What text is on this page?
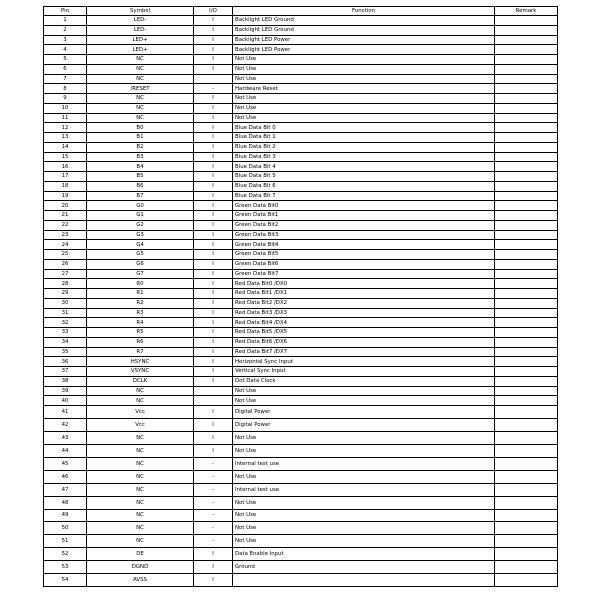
Pin	Symbol	I/O	Function	Remark
1	LED-	I	Backlight LED Ground	
2	LED-	I	Backlight LED Ground	
3	LED+	I	Backlight LED Power	
4	LED+	I	Backlight LED Power	
5	NC	I	Not Use	
6	NC	I	Not Use	
7	NC		Not Use	
8	/RESET	-	Hardware Reset	
9	NC	I	Not Use	
10	NC	I	Not Use	
11	NC	I	Not Use	
12	B0	I	Blue Data Bit 0	
13	B1	I	Blue Data Bit 1	
14	B2	I	Blue Data Bit 2	
15	B3	I	Blue Data Bit 3	
16	B4	I	Blue Data Bit 4	
17	B5	I	Blue Data Bit 5	
18	B6	I	Blue Data Bit 6	
19	B7	I	Blue Data Bit 7	
20	G0	I	Green Data Bit0	
21	G1	I	Green Data Bit1	
22	G2	I	Green Data Bit2	
23	G3	I	Green Data Bit3	
24	G4	I	Green Data Bit4	
25	G5	I	Green Data Bit5	
26	G6	I	Green Data Bit6	
27	G7	I	Green Data Bit7	
28	R0	I	Red Data Bit0 /DX0	
29	R1	I	Red Data Bit1 /DX1	
30	R2	I	Red Data Bit2 /DX2	
31	R3	I	Red Data Bit3 /DX3	
32	R4	I	Red Data Bit4 /DX4	
33	R5	I	Red Data Bit5 /DX5	
34	R6	I	Red Data Bit6 /DX6	
35	R7	I	Red Data Bit7 /DX7	
36	HSYNC	I	Horizontal Sync Input	
37	VSYNC	I	Vertical Sync Input	
38	DCLK	I	Dot Data Clock	
39	NC		Not Use	
40	NC		Not Use	
41	Vcc	I	Digital Power	
42	Vcc	I	Digital Power	
43	NC	I	Not Use	
44	NC	I	Not Use	
45	NC	-	Internal test use	
46	NC	-	Not Use	
47	NC	-	Internal test use	
48	NC	-	Not Use	
49	NC	-	Not Use	
50	NC	-	Not Use	
51	NC	-	Not Use	
52	DE	I	Data Enable Input	
53	DGND	I	Ground	
54	AVSS	I		
